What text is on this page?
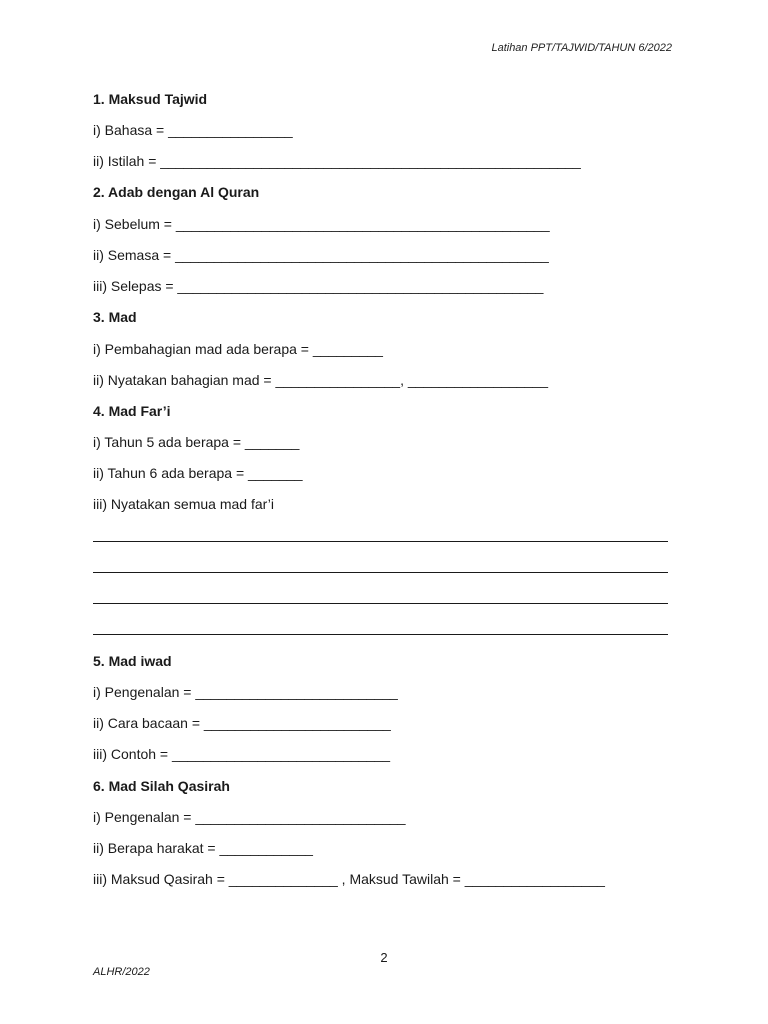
Latihan PPT/TAJWID/TAHUN 6/2022
1. Maksud Tajwid
i) Bahasa = ________________
ii) Istilah = ______________________________________________________
2. Adab dengan Al Quran
i) Sebelum = ________________________________________________
ii) Semasa = ________________________________________________
iii) Selepas = _______________________________________________
3. Mad
i) Pembahagian mad ada berapa = _________
ii) Nyatakan bahagian mad = ________________, __________________
4. Mad Far’i
i) Tahun 5 ada berapa = _______
ii) Tahun 6 ada berapa = _______
iii) Nyatakan semua mad far’i
5. Mad iwad
i) Pengenalan = __________________________
ii) Cara bacaan = ________________________
iii) Contoh = ____________________________
6. Mad Silah Qasirah
i) Pengenalan = ___________________________
ii) Berapa harakat = ____________
iii) Maksud Qasirah = ______________ , Maksud Tawilah = __________________
2
ALHR/2022
